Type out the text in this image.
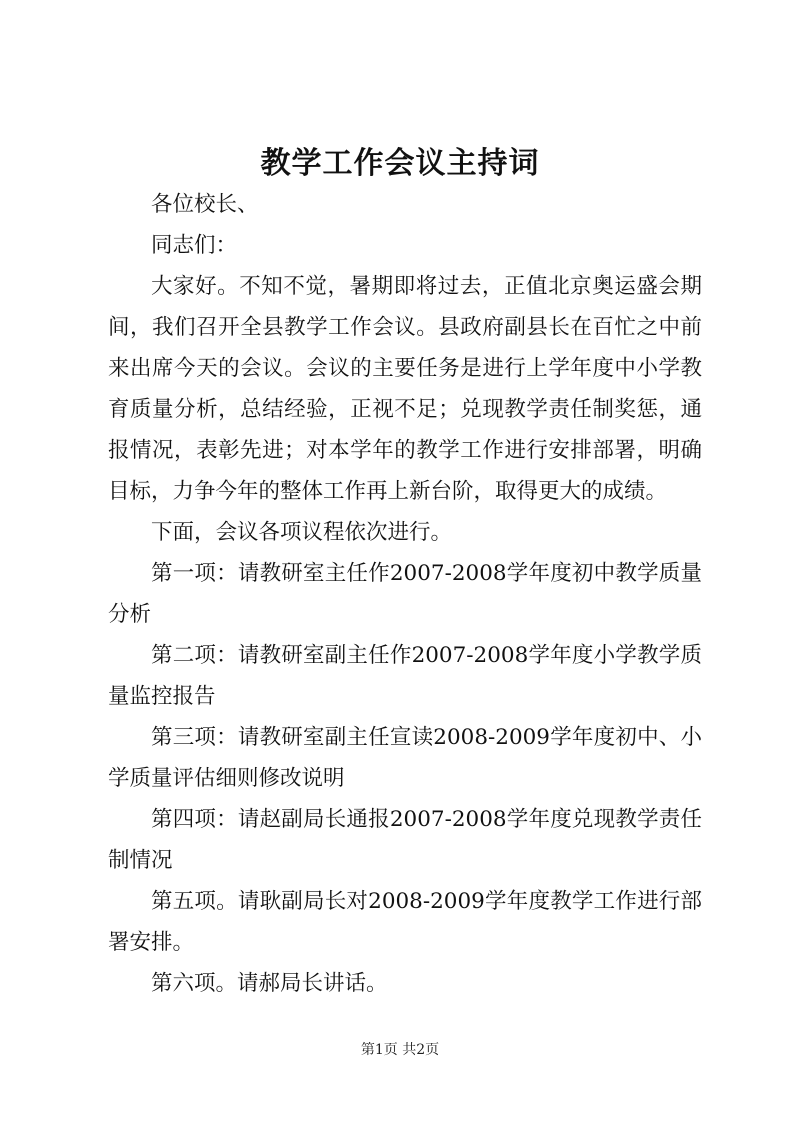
教学工作会议主持词

各位校长、

同志们：

大家好。不知不觉，暑期即将过去，正值北京奥运盛会期间，我们召开全县教学工作会议。县政府副县长在百忙之中前来出席今天的会议。会议的主要任务是进行上学年度中小学教育质量分析，总结经验，正视不足；兑现教学责任制奖惩，通报情况，表彰先进；对本学年的教学工作进行安排部署，明确目标，力争今年的整体工作再上新台阶，取得更大的成绩。

下面，会议各项议程依次进行。

第一项：请教研室主任作2007-2008学年度初中教学质量分析

第二项：请教研室副主任作2007-2008学年度小学教学质量监控报告

第三项：请教研室副主任宣读2008-2009学年度初中、小学质量评估细则修改说明

第四项：请赵副局长通报2007-2008学年度兑现教学责任制情况

第五项。请耿副局长对2008-2009学年度教学工作进行部署安排。

第六项。请郝局长讲话。

第1页 共2页
